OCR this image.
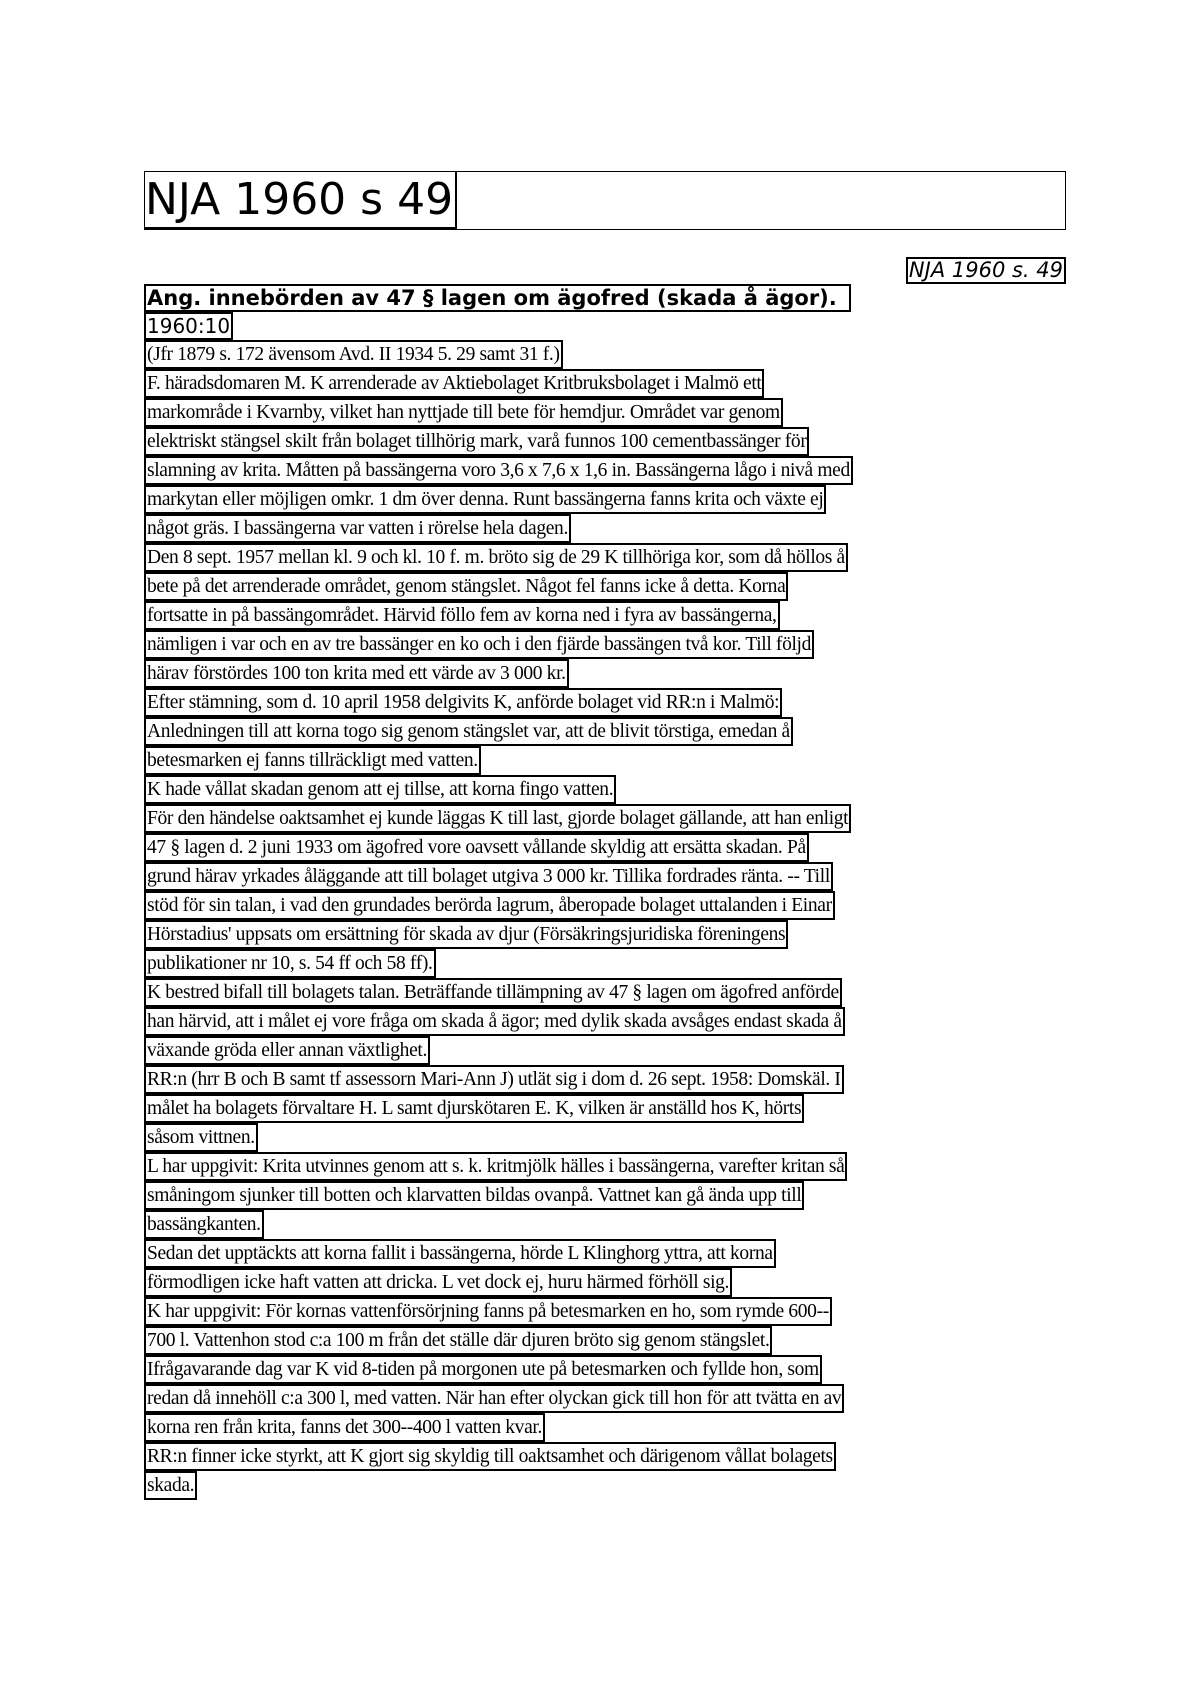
NJA 1960 s 49
NJA 1960 s. 49
Ang. innebörden av 47 § lagen om ägofred (skada å ägor).
1960:10
(Jfr 1879 s. 172 ävensom Avd. II 1934 5. 29 samt 31 f.)
F. häradsdomaren M. K arrenderade av Aktiebolaget Kritbruksbolaget i Malmö ett
markområde i Kvarnby, vilket han nyttjade till bete för hemdjur. Området var genom
elektriskt stängsel skilt från bolaget tillhörig mark, varå funnos 100 cementbassänger för
slamning av krita. Måtten på bassängerna voro 3,6 x 7,6 x 1,6 in. Bassängerna lågo i nivå med
markytan eller möjligen omkr. 1 dm över denna. Runt bassängerna fanns krita och växte ej
något gräs. I bassängerna var vatten i rörelse hela dagen.
Den 8 sept. 1957 mellan kl. 9 och kl. 10 f. m. bröto sig de 29 K tillhöriga kor, som då höllos å
bete på det arrenderade området, genom stängslet. Något fel fanns icke å detta. Korna
fortsatte in på bassängområdet. Härvid föllo fem av korna ned i fyra av bassängerna,
nämligen i var och en av tre bassänger en ko och i den fjärde bassängen två kor. Till följd
härav förstördes 100 ton krita med ett värde av 3 000 kr.
Efter stämning, som d. 10 april 1958 delgivits K, anförde bolaget vid RR:n i Malmö:
Anledningen till att korna togo sig genom stängslet var, att de blivit törstiga, emedan å
betesmarken ej fanns tillräckligt med vatten.
K hade vållat skadan genom att ej tillse, att korna fingo vatten.
För den händelse oaktsamhet ej kunde läggas K till last, gjorde bolaget gällande, att han enligt
47 § lagen d. 2 juni 1933 om ägofred vore oavsett vållande skyldig att ersätta skadan. På
grund härav yrkades åläggande att till bolaget utgiva 3 000 kr. Tillika fordrades ränta. -- Till
stöd för sin talan, i vad den grundades berörda lagrum, åberopade bolaget uttalanden i Einar
Hörstadius' uppsats om ersättning för skada av djur (Försäkringsjuridiska föreningens
publikationer nr 10, s. 54 ff och 58 ff).
K bestred bifall till bolagets talan. Beträffande tillämpning av 47 § lagen om ägofred anförde
han härvid, att i målet ej vore fråga om skada å ägor; med dylik skada avsåges endast skada å
växande gröda eller annan växtlighet.
RR:n (hrr B och B samt tf assessorn Mari-Ann J) utlät sig i dom d. 26 sept. 1958: Domskäl. I
målet ha bolagets förvaltare H. L samt djurskötaren E. K, vilken är anställd hos K, hörts
såsom vittnen.
L har uppgivit: Krita utvinnes genom att s. k. kritmjölk hälles i bassängerna, varefter kritan så
småningom sjunker till botten och klarvatten bildas ovanpå. Vattnet kan gå ända upp till
bassängkanten.
Sedan det upptäckts att korna fallit i bassängerna, hörde L Klinghorg yttra, att korna
förmodligen icke haft vatten att dricka. L vet dock ej, huru härmed förhöll sig.
K har uppgivit: För kornas vattenförsörjning fanns på betesmarken en ho, som rymde 600--
700 l. Vattenhon stod c:a 100 m från det ställe där djuren bröto sig genom stängslet.
Ifrågavarande dag var K vid 8-tiden på morgonen ute på betesmarken och fyllde hon, som
redan då innehöll c:a 300 l, med vatten. När han efter olyckan gick till hon för att tvätta en av
korna ren från krita, fanns det 300--400 l vatten kvar.
RR:n finner icke styrkt, att K gjort sig skyldig till oaktsamhet och därigenom vållat bolagets
skada.
